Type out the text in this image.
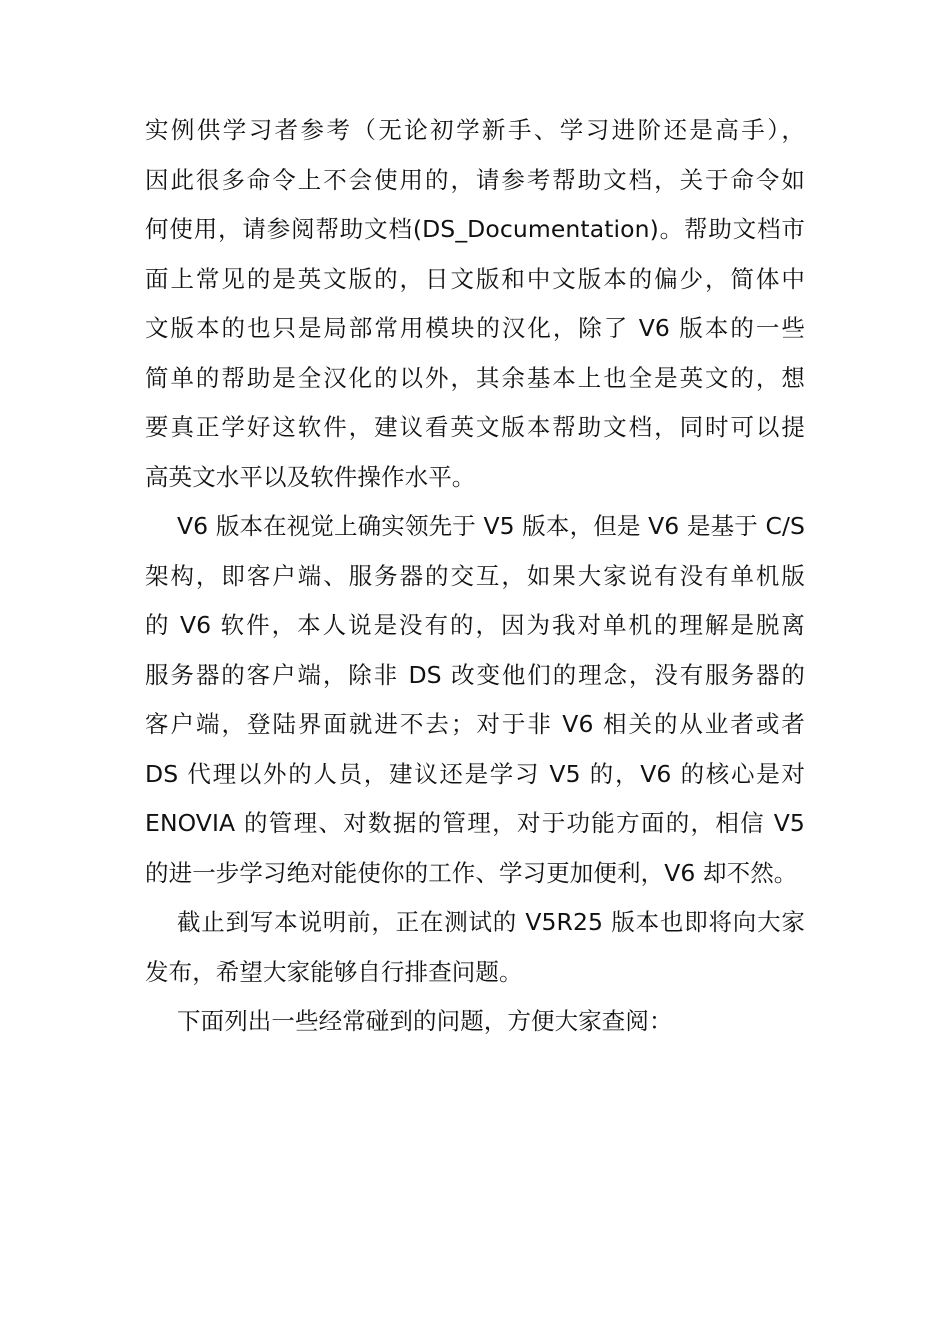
实例供学习者参考（无论初学新手、学习进阶还是高手），
因此很多命令上不会使用的，请参考帮助文档，关于命令如
何使用，请参阅帮助文档(DS_Documentation)。帮助文档市
面上常见的是英文版的，日文版和中文版本的偏少，简体中
文版本的也只是局部常用模块的汉化，除了 V6 版本的一些
简单的帮助是全汉化的以外，其余基本上也全是英文的，想
要真正学好这软件，建议看英文版本帮助文档，同时可以提
高英文水平以及软件操作水平。
V6 版本在视觉上确实领先于 V5 版本，但是 V6 是基于 C/S
架构，即客户端、服务器的交互，如果大家说有没有单机版
的 V6 软件，本人说是没有的，因为我对单机的理解是脱离
服务器的客户端，除非 DS 改变他们的理念，没有服务器的
客户端，登陆界面就进不去；对于非 V6 相关的从业者或者
DS 代理以外的人员，建议还是学习 V5 的，V6 的核心是对
ENOVIA 的管理、对数据的管理，对于功能方面的，相信 V5
的进一步学习绝对能使你的工作、学习更加便利，V6 却不然。
截止到写本说明前，正在测试的 V5R25 版本也即将向大家
发布，希望大家能够自行排查问题。
下面列出一些经常碰到的问题，方便大家查阅：
